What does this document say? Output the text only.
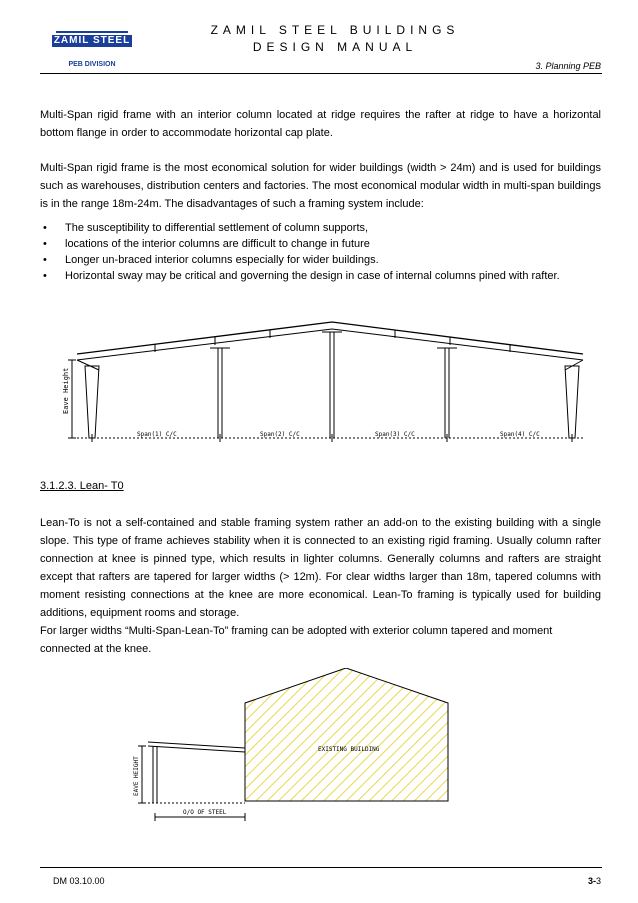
ZAMIL STEEL
PEB DIVISION
ZAMIL STEEL BUILDINGS
DESIGN MANUAL
3. Planning PEB

Multi-Span rigid frame with an interior column located at ridge requires the rafter at ridge to have a horizontal bottom flange in order to accommodate horizontal cap plate.

Multi-Span rigid frame is the most economical solution for wider buildings (width > 24m) and is used for buildings such as warehouses, distribution centers and factories. The most economical modular width in multi-span buildings is in the range 18m-24m. The disadvantages of such a framing system include:

• The susceptibility to differential settlement of column supports,
• locations of the interior columns are difficult to change in future
• Longer un-braced interior columns especially for wider buildings.
• Horizontal sway may be critical and governing the design in case of internal columns pined with rafter.
Eave Height
Span(1) C/C	Span(2) C/C	Span(3) C/C	Span(4) C/C
3.1.2.3. Lean- T0

Lean-To is not a self-contained and stable framing system rather an add-on to the existing building with a single slope. This type of frame achieves stability when it is connected to an existing rigid framing. Usually column rafter connection at knee is pinned type, which results in lighter columns. Generally columns and rafters are straight except that rafters are tapered for larger widths (> 12m). For clear widths larger than 18m, tapered columns with moment resisting connections at the knee are more economical. Lean-To framing is typically used for building additions, equipment rooms and storage.

For larger widths “Multi-Span-Lean-To” framing can be adopted with exterior column tapered and moment connected at the knee.

EXISTING BUILDING
EAVE HEIGHT
O/O OF STEEL
DM 03.10.00	3-3
